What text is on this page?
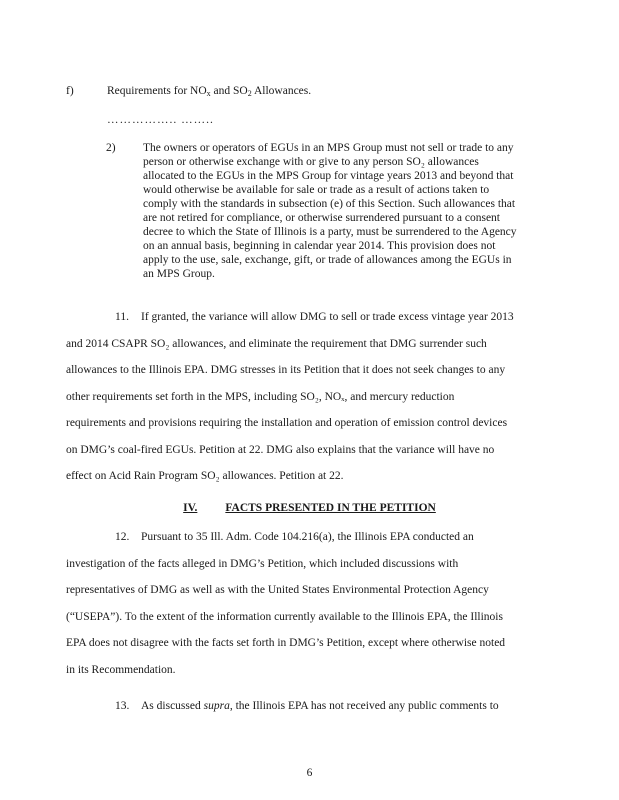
f)	Requirements for $NO_x$ and $SO_2$ Allowances.
…………….. ……..
2) The owners or operators of EGUs in an MPS Group must not sell or trade to any
person or otherwise exchange with or give to any person SO₂ allowances
allocated to the EGUs in the MPS Group for vintage years 2013 and beyond that
would otherwise be available for sale or trade as a result of actions taken to
comply with the standards in subsection (e) of this Section. Such allowances that
are not retired for compliance, or otherwise surrendered pursuant to a consent
decree to which the State of Illinois is a party, must be surrendered to the Agency
on an annual basis, beginning in calendar year 2014. This provision does not
apply to the use, sale, exchange, gift, or trade of allowances among the EGUs in
an MPS Group.
11. If granted, the variance will allow DMG to sell or trade excess vintage year 2013
and 2014 CSAPR SO₂ allowances, and eliminate the requirement that DMG surrender such
allowances to the Illinois EPA. DMG stresses in its Petition that it does not seek changes to any
other requirements set forth in the MPS, including SO₂, NOₓ, and mercury reduction
requirements and provisions requiring the installation and operation of emission control devices
on DMG’s coal-fired EGUs. Petition at 22. DMG also explains that the variance will have no
effect on Acid Rain Program SO₂ allowances. Petition at 22.
IV. FACTS PRESENTED IN THE PETITION
12. Pursuant to 35 Ill. Adm. Code 104.216(a), the Illinois EPA conducted an
investigation of the facts alleged in DMG’s Petition, which included discussions with
representatives of DMG as well as with the United States Environmental Protection Agency
(“USEPA”). To the extent of the information currently available to the Illinois EPA, the Illinois
EPA does not disagree with the facts set forth in DMG’s Petition, except where otherwise noted
in its Recommendation.
13. As discussed supra, the Illinois EPA has not received any public comments to
6
